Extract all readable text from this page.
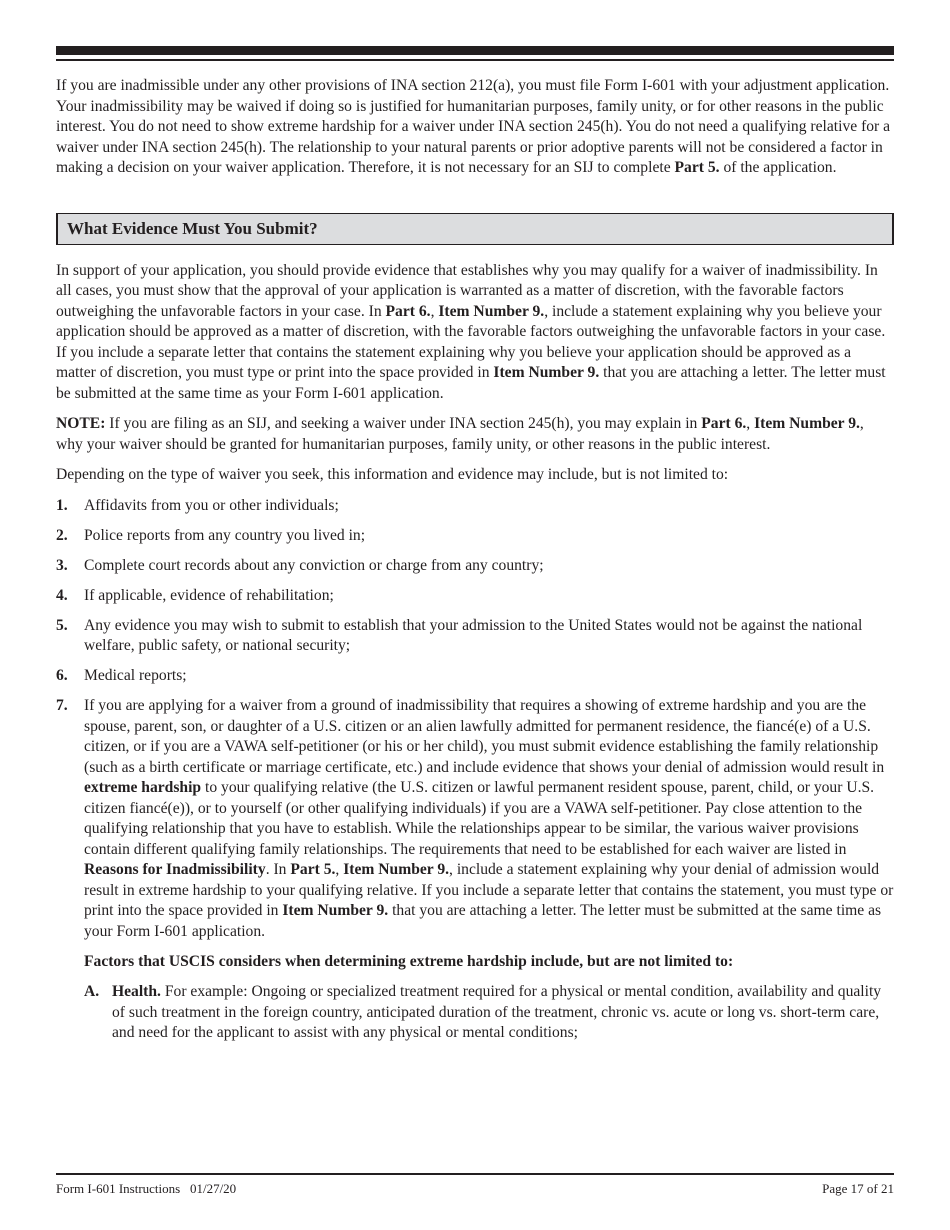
If you are inadmissible under any other provisions of INA section 212(a), you must file Form I-601 with your adjustment application. Your inadmissibility may be waived if doing so is justified for humanitarian purposes, family unity, or for other reasons in the public interest. You do not need to show extreme hardship for a waiver under INA section 245(h). You do not need a qualifying relative for a waiver under INA section 245(h). The relationship to your natural parents or prior adoptive parents will not be considered a factor in making a decision on your waiver application. Therefore, it is not necessary for an SIJ to complete Part 5. of the application.

What Evidence Must You Submit?

In support of your application, you should provide evidence that establishes why you may qualify for a waiver of inadmissibility. In all cases, you must show that the approval of your application is warranted as a matter of discretion, with the favorable factors outweighing the unfavorable factors in your case. In Part 6., Item Number 9., include a statement explaining why you believe your application should be approved as a matter of discretion, with the favorable factors outweighing the unfavorable factors in your case. If you include a separate letter that contains the statement explaining why you believe your application should be approved as a matter of discretion, you must type or print into the space provided in Item Number 9. that you are attaching a letter. The letter must be submitted at the same time as your Form I-601 application.

NOTE: If you are filing as an SIJ, and seeking a waiver under INA section 245(h), you may explain in Part 6., Item Number 9., why your waiver should be granted for humanitarian purposes, family unity, or other reasons in the public interest.

Depending on the type of waiver you seek, this information and evidence may include, but is not limited to:

1.	Affidavits from you or other individuals;
2.	Police reports from any country you lived in;
3.	Complete court records about any conviction or charge from any country;
4.	If applicable, evidence of rehabilitation;
5.	Any evidence you may wish to submit to establish that your admission to the United States would not be against the national welfare, public safety, or national security;
6.	Medical reports;
7.	If you are applying for a waiver from a ground of inadmissibility that requires a showing of extreme hardship and you are the spouse, parent, son, or daughter of a U.S. citizen or an alien lawfully admitted for permanent residence, the fiancé(e) of a U.S. citizen, or if you are a VAWA self-petitioner (or his or her child), you must submit evidence establishing the family relationship (such as a birth certificate or marriage certificate, etc.) and include evidence that shows your denial of admission would result in extreme hardship to your qualifying relative (the U.S. citizen or lawful permanent resident spouse, parent, child, or your U.S. citizen fiancé(e)), or to yourself (or other qualifying individuals) if you are a VAWA self-petitioner. Pay close attention to the qualifying relationship that you have to establish. While the relationships appear to be similar, the various waiver provisions contain different qualifying family relationships. The requirements that need to be established for each waiver are listed in Reasons for Inadmissibility. In Part 5., Item Number 9., include a statement explaining why your denial of admission would result in extreme hardship to your qualifying relative. If you include a separate letter that contains the statement, you must type or print into the space provided in Item Number 9. that you are attaching a letter. The letter must be submitted at the same time as your Form I-601 application.
Factors that USCIS considers when determining extreme hardship include, but are not limited to:
A. Health. For example: Ongoing or specialized treatment required for a physical or mental condition, availability and quality of such treatment in the foreign country, anticipated duration of the treatment, chronic vs. acute or long vs. short-term care, and need for the applicant to assist with any physical or mental conditions;
Form I-601 Instructions   01/27/20	Page 17 of 21
